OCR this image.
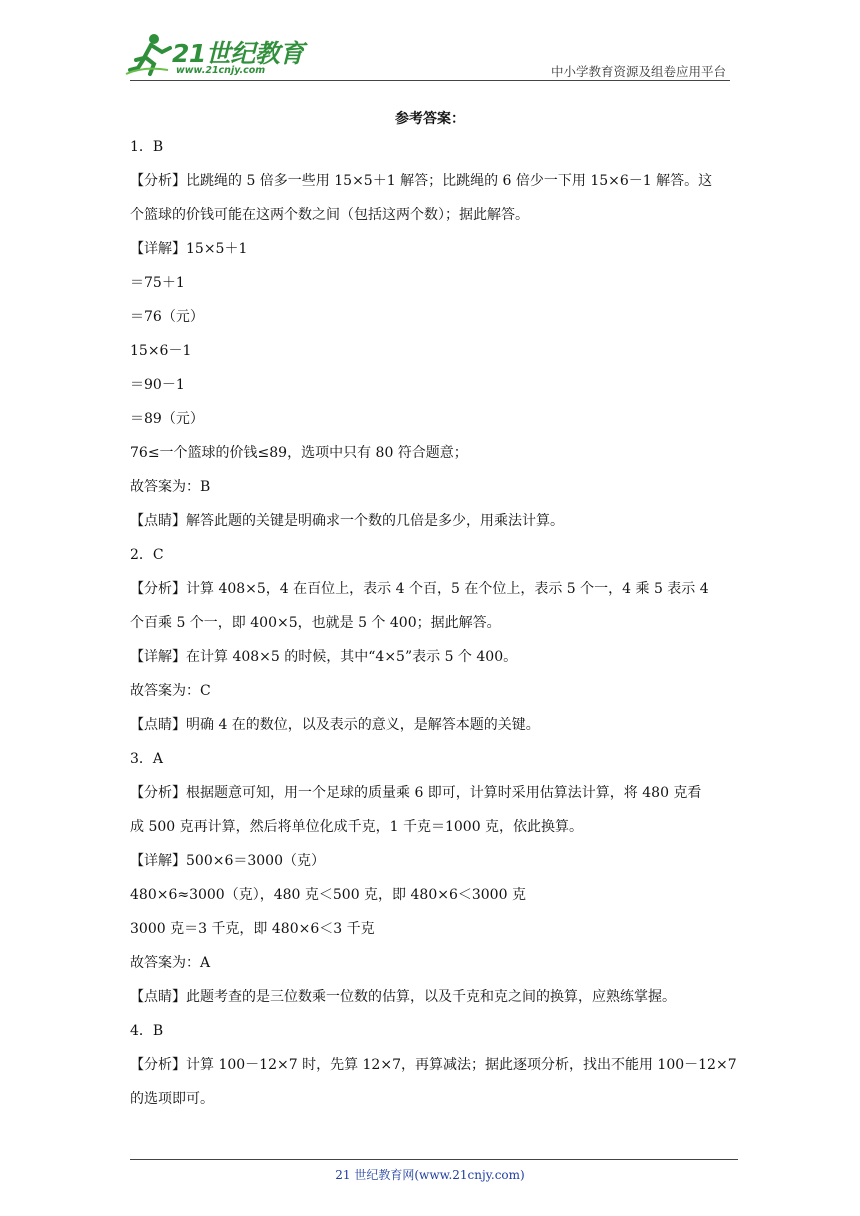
21世纪教育
www.21cnjy.com	中小学教育资源及组卷应用平台
参考答案：
1．B
【分析】比跳绳的 5 倍多一些用 15×5＋1 解答；比跳绳的 6 倍少一下用 15×6－1 解答。这
个篮球的价钱可能在这两个数之间（包括这两个数）；据此解答。
【详解】15×5＋1
＝75＋1
＝76（元）
15×6－1
＝90－1
＝89（元）
76≤一个篮球的价钱≤89，选项中只有 80 符合题意；
故答案为：B
【点睛】解答此题的关键是明确求一个数的几倍是多少，用乘法计算。
2．C
【分析】计算 408×5，4 在百位上，表示 4 个百，5 在个位上，表示 5 个一，4 乘 5 表示 4
个百乘 5 个一，即 400×5，也就是 5 个 400；据此解答。
【详解】在计算 408×5 的时候，其中“4×5”表示 5 个 400。
故答案为：C
【点睛】明确 4 在的数位，以及表示的意义，是解答本题的关键。
3．A
【分析】根据题意可知，用一个足球的质量乘 6 即可，计算时采用估算法计算，将 480 克看
成 500 克再计算，然后将单位化成千克，1 千克＝1000 克，依此换算。
【详解】500×6＝3000（克）
480×6≈3000（克），480 克＜500 克，即 480×6＜3000 克
3000 克＝3 千克，即 480×6＜3 千克
故答案为：A
【点睛】此题考查的是三位数乘一位数的估算，以及千克和克之间的换算，应熟练掌握。
4．B
【分析】计算 100－12×7 时，先算 12×7，再算减法；据此逐项分析，找出不能用 100－12×7
的选项即可。
21 世纪教育网(www.21cnjy.com)
